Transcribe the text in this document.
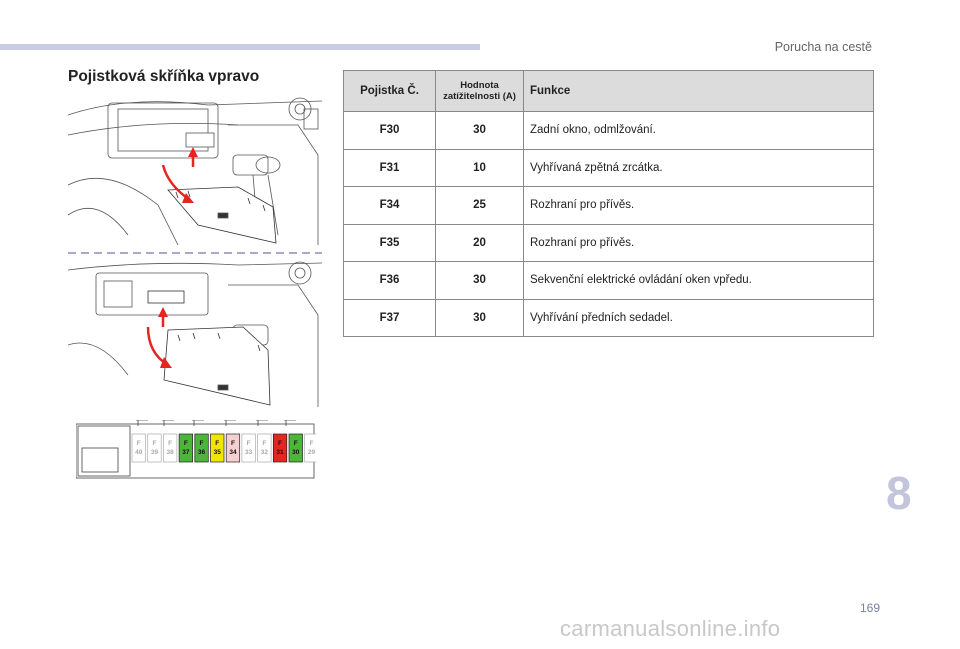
Porucha na cestě
Pojistková skříňka vpravo
F
40
F
39
F
38
F
37
F
36
F
35
F
34
F
33
F
32
F
31
F
30
F
29
Pojistka Č.	Hodnota zatížitelnosti (A)	Funkce
F30	30	Zadní okno, odmlžování.
F31	10	Vyhřívaná zpětná zrcátka.
F34	25	Rozhraní pro přívěs.
F35	20	Rozhraní pro přívěs.
F36	30	Sekvenční elektrické ovládání oken vpředu.
F37	30	Vyhřívání předních sedadel.
8
169
carmanualsonline.info
